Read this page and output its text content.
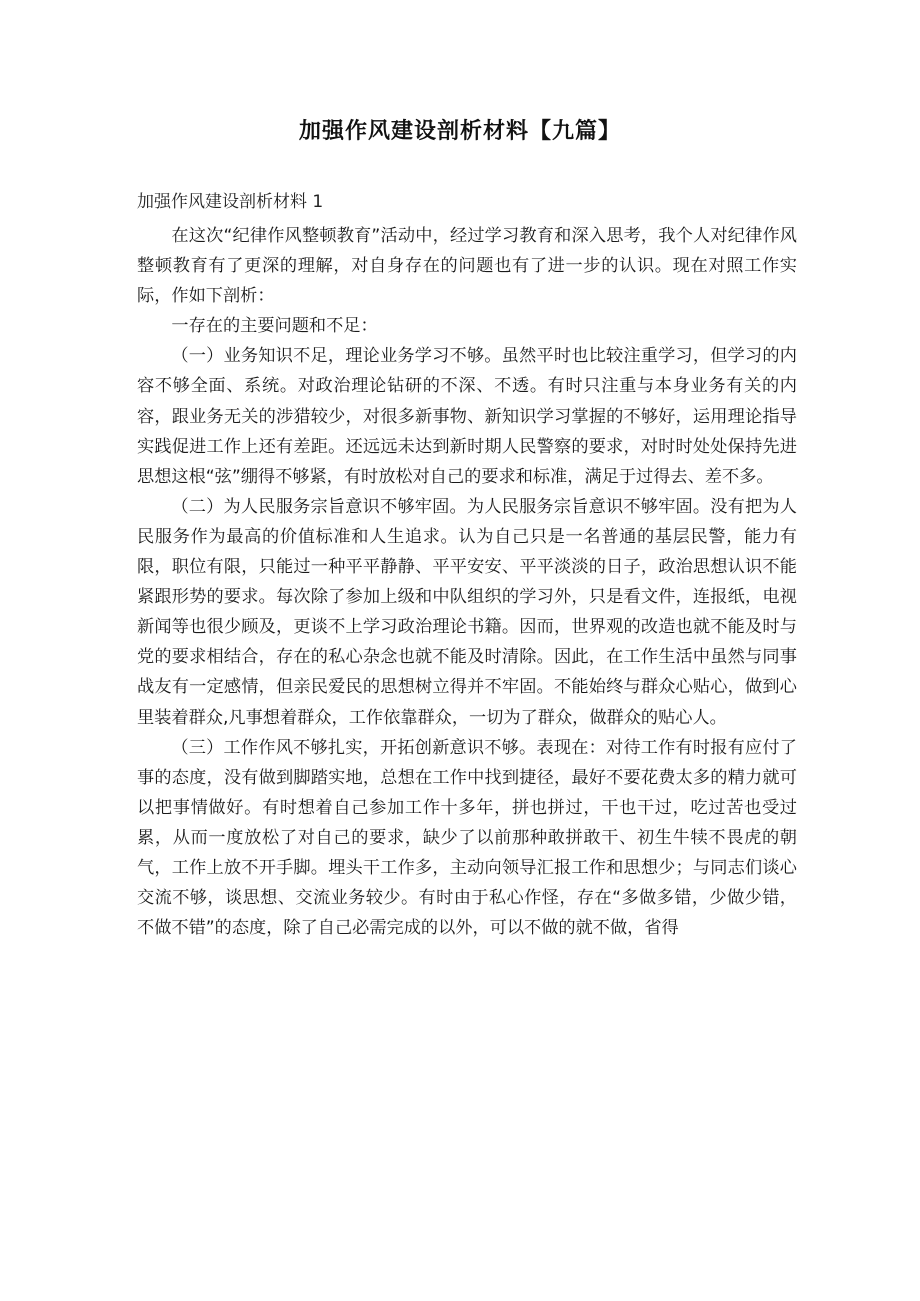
加强作风建设剖析材料【九篇】
加强作风建设剖析材料 1

在这次“纪律作风整顿教育”活动中，经过学习教育和深入思考，我个人对纪律作风整顿教育有了更深的理解，对自身存在的问题也有了进一步的认识。现在对照工作实际，作如下剖析：

一存在的主要问题和不足：

（一）业务知识不足，理论业务学习不够。虽然平时也比较注重学习，但学习的内容不够全面、系统。对政治理论钻研的不深、不透。有时只注重与本身业务有关的内容，跟业务无关的涉猎较少，对很多新事物、新知识学习掌握的不够好，运用理论指导实践促进工作上还有差距。还远远未达到新时期人民警察的要求，对时时处处保持先进思想这根“弦”绷得不够紧，有时放松对自己的要求和标准，满足于过得去、差不多。

（二）为人民服务宗旨意识不够牢固。为人民服务宗旨意识不够牢固。没有把为人民服务作为最高的价值标准和人生追求。认为自己只是一名普通的基层民警，能力有限，职位有限，只能过一种平平静静、平平安安、平平淡淡的日子，政治思想认识不能紧跟形势的要求。每次除了参加上级和中队组织的学习外，只是看文件，连报纸，电视新闻等也很少顾及，更谈不上学习政治理论书籍。因而，世界观的改造也就不能及时与党的要求相结合，存在的私心杂念也就不能及时清除。因此，在工作生活中虽然与同事战友有一定感情，但亲民爱民的思想树立得并不牢固。不能始终与群众心贴心，做到心里装着群众,凡事想着群众，工作依靠群众，一切为了群众，做群众的贴心人。

（三）工作作风不够扎实，开拓创新意识不够。表现在：对待工作有时报有应付了事的态度，没有做到脚踏实地，总想在工作中找到捷径，最好不要花费太多的精力就可以把事情做好。有时想着自己参加工作十多年，拼也拼过，干也干过，吃过苦也受过累，从而一度放松了对自己的要求，缺少了以前那种敢拼敢干、初生牛犊不畏虎的朝气，工作上放不开手脚。埋头干工作多，主动向领导汇报工作和思想少；与同志们谈心交流不够，谈思想、交流业务较少。有时由于私心作怪，存在“多做多错，少做少错，不做不错”的态度，除了自己必需完成的以外，可以不做的就不做，省得
